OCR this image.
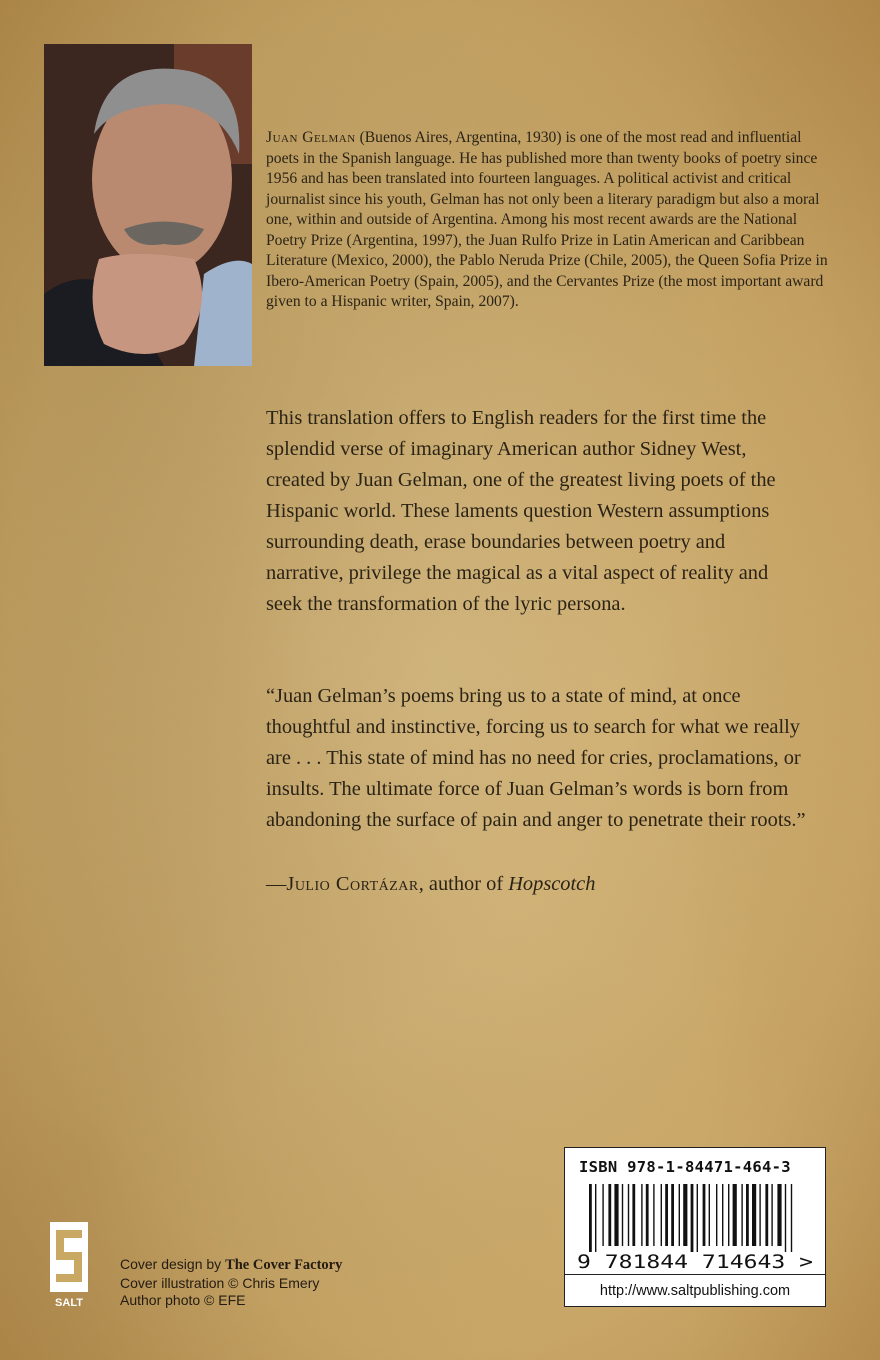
Juan Gelman (Buenos Aires, Argentina, 1930) is one of the most read and influential poets in the Spanish language. He has published more than twenty books of poetry since 1956 and has been translated into fourteen languages. A political activist and critical journalist since his youth, Gelman has not only been a literary paradigm but also a moral one, within and outside of Argentina. Among his most recent awards are the National Poetry Prize (Argentina, 1997), the Juan Rulfo Prize in Latin American and Caribbean Literature (Mexico, 2000), the Pablo Neruda Prize (Chile, 2005), the Queen Sofia Prize in Ibero-American Poetry (Spain, 2005), and the Cervantes Prize (the most important award given to a Hispanic writer, Spain, 2007).

This translation offers to English readers for the first time the splendid verse of imaginary American author Sidney West, created by Juan Gelman, one of the greatest living poets of the Hispanic world. These laments question Western assumptions surrounding death, erase boundaries between poetry and narrative, privilege the magical as a vital aspect of reality and seek the transformation of the lyric persona.

“Juan Gelman’s poems bring us to a state of mind, at once thoughtful and instinctive, forcing us to search for what we really are . . . This state of mind has no need for cries, proclamations, or insults. The ultimate force of Juan Gelman’s words is born from abandoning the surface of pain and anger to penetrate their roots.”

—Julio Cortázar, author of Hopscotch
SALT
Cover design by The Cover Factory
Cover illustration © Chris Emery
Author photo © EFE
ISBN 978-1-84471-464-3
9 781844 714643 >
http://www.saltpublishing.com
